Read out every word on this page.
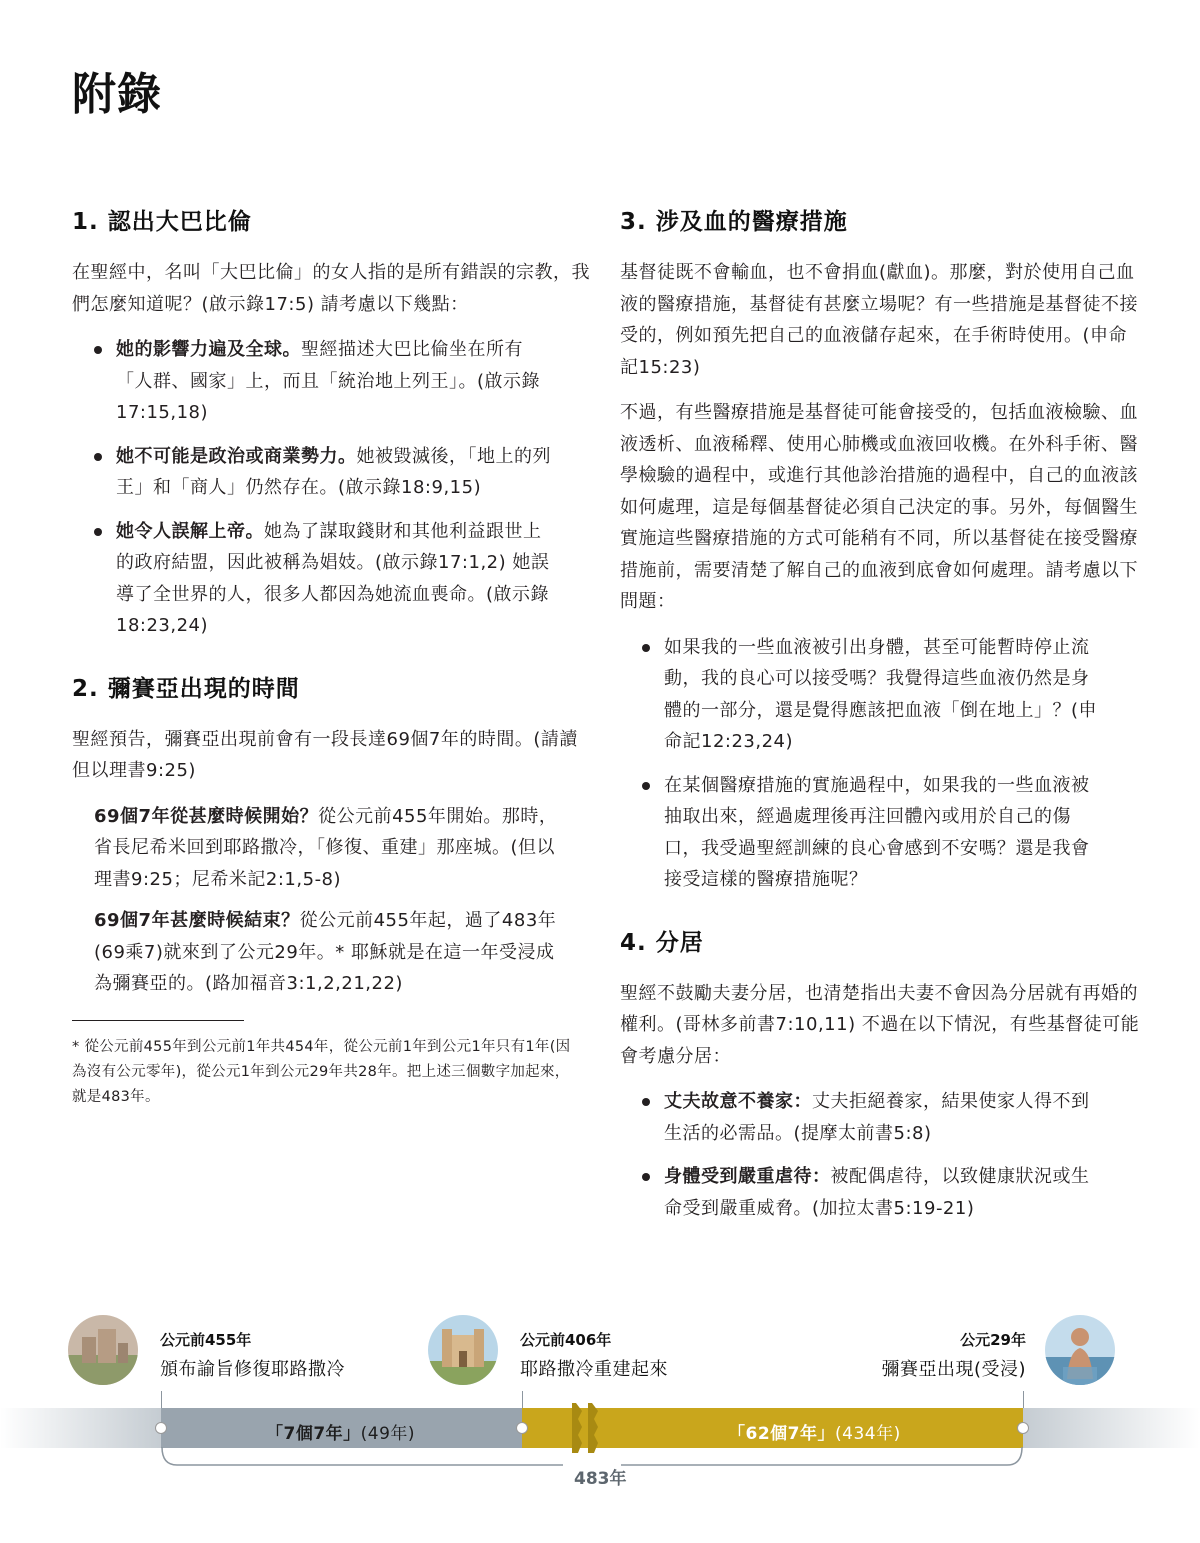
附錄
1. 認出大巴比倫

在聖經中，名叫「大巴比倫」的女人指的是所有錯誤的宗教，我們怎麼知道呢？(啟示錄17:5) 請考慮以下幾點：

她的影響力遍及全球。聖經描述大巴比倫坐在所有「人群、國家」上，而且「統治地上列王」。(啟示錄17:15,18)
她不可能是政治或商業勢力。她被毀滅後，「地上的列王」和「商人」仍然存在。(啟示錄18:9,15)
她令人誤解上帝。她為了謀取錢財和其他利益跟世上的政府結盟，因此被稱為娼妓。(啟示錄17:1,2) 她誤導了全世界的人，很多人都因為她流血喪命。(啟示錄18:23,24)
2. 彌賽亞出現的時間

聖經預告，彌賽亞出現前會有一段長達69個7年的時間。(請讀但以理書9:25)

69個7年從甚麼時候開始？從公元前455年開始。那時，省長尼希米回到耶路撒冷，「修復、重建」那座城。(但以理書9:25；尼希米記2:1,5-8)
69個7年甚麼時候結束？從公元前455年起，過了483年(69乘7)就來到了公元29年。* 耶穌就是在這一年受浸成為彌賽亞的。(路加福音3:1,2,21,22)

* 從公元前455年到公元前1年共454年，從公元前1年到公元1年只有1年(因為沒有公元零年)，從公元1年到公元29年共28年。把上述三個數字加起來，就是483年。

3. 涉及血的醫療措施

基督徒既不會輸血，也不會捐血(獻血)。那麼，對於使用自己血液的醫療措施，基督徒有甚麼立場呢？有一些措施是基督徒不接受的，例如預先把自己的血液儲存起來，在手術時使用。(申命記15:23)

不過，有些醫療措施是基督徒可能會接受的，包括血液檢驗、血液透析、血液稀釋、使用心肺機或血液回收機。在外科手術、醫學檢驗的過程中，或進行其他診治措施的過程中，自己的血液該如何處理，這是每個基督徒必須自己決定的事。另外，每個醫生實施這些醫療措施的方式可能稍有不同，所以基督徒在接受醫療措施前，需要清楚了解自己的血液到底會如何處理。請考慮以下問題：

如果我的一些血液被引出身體，甚至可能暫時停止流動，我的良心可以接受嗎？我覺得這些血液仍然是身體的一部分，還是覺得應該把血液「倒在地上」？(申命記12:23,24)
在某個醫療措施的實施過程中，如果我的一些血液被抽取出來，經過處理後再注回體內或用於自己的傷口，我受過聖經訓練的良心會感到不安嗎？還是我會接受這樣的醫療措施呢？
4. 分居

聖經不鼓勵夫妻分居，也清楚指出夫妻不會因為分居就有再婚的權利。(哥林多前書7:10,11) 不過在以下情況，有些基督徒可能會考慮分居：

丈夫故意不養家：丈夫拒絕養家，結果使家人得不到生活的必需品。(提摩太前書5:8)
身體受到嚴重虐待：被配偶虐待，以致健康狀況或生命受到嚴重威脅。(加拉太書5:19-21)
公元前455年
頒布諭旨修復耶路撒冷
公元前406年
耶路撒冷重建起來
公元29年
彌賽亞出現(受浸)
「7個7年」(49年)	「62個7年」(434年)
483年
